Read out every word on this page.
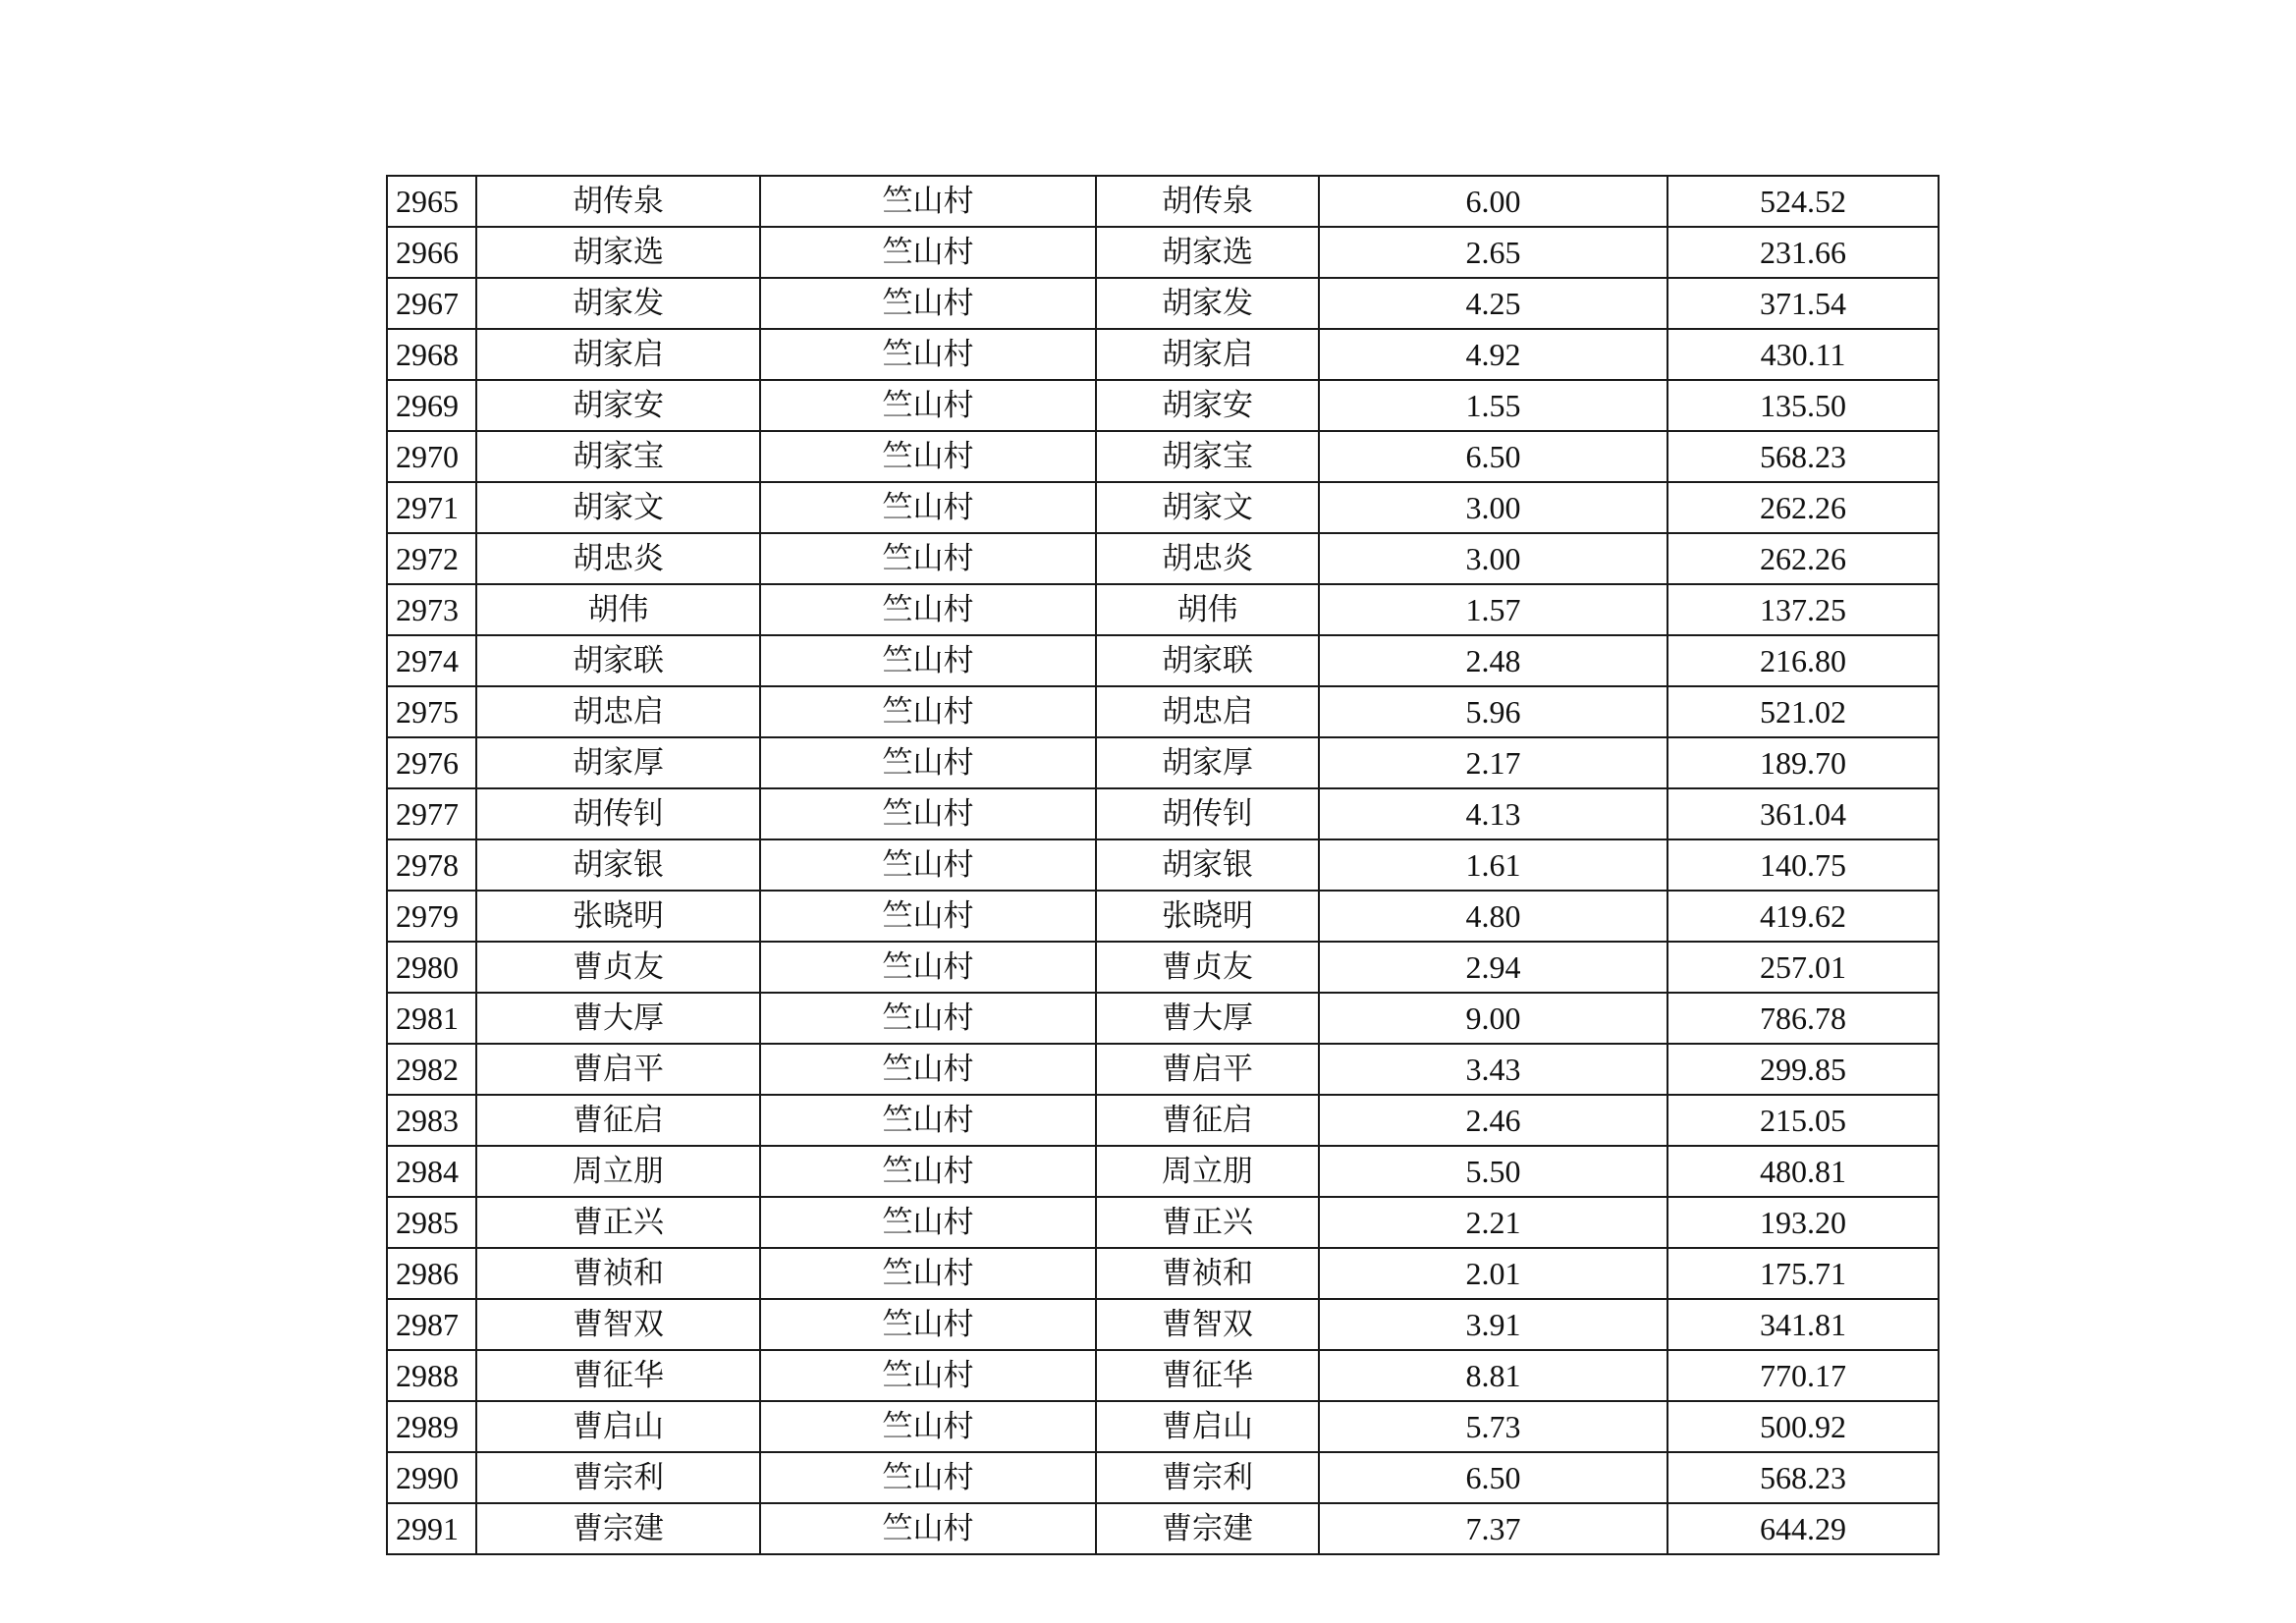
2965	胡传泉	竺山村	胡传泉	6.00	524.52
2966	胡家选	竺山村	胡家选	2.65	231.66
2967	胡家发	竺山村	胡家发	4.25	371.54
2968	胡家启	竺山村	胡家启	4.92	430.11
2969	胡家安	竺山村	胡家安	1.55	135.50
2970	胡家宝	竺山村	胡家宝	6.50	568.23
2971	胡家文	竺山村	胡家文	3.00	262.26
2972	胡忠炎	竺山村	胡忠炎	3.00	262.26
2973	胡伟	竺山村	胡伟	1.57	137.25
2974	胡家联	竺山村	胡家联	2.48	216.80
2975	胡忠启	竺山村	胡忠启	5.96	521.02
2976	胡家厚	竺山村	胡家厚	2.17	189.70
2977	胡传钊	竺山村	胡传钊	4.13	361.04
2978	胡家银	竺山村	胡家银	1.61	140.75
2979	张晓明	竺山村	张晓明	4.80	419.62
2980	曹贞友	竺山村	曹贞友	2.94	257.01
2981	曹大厚	竺山村	曹大厚	9.00	786.78
2982	曹启平	竺山村	曹启平	3.43	299.85
2983	曹征启	竺山村	曹征启	2.46	215.05
2984	周立朋	竺山村	周立朋	5.50	480.81
2985	曹正兴	竺山村	曹正兴	2.21	193.20
2986	曹祯和	竺山村	曹祯和	2.01	175.71
2987	曹智双	竺山村	曹智双	3.91	341.81
2988	曹征华	竺山村	曹征华	8.81	770.17
2989	曹启山	竺山村	曹启山	5.73	500.92
2990	曹宗利	竺山村	曹宗利	6.50	568.23
2991	曹宗建	竺山村	曹宗建	7.37	644.29
